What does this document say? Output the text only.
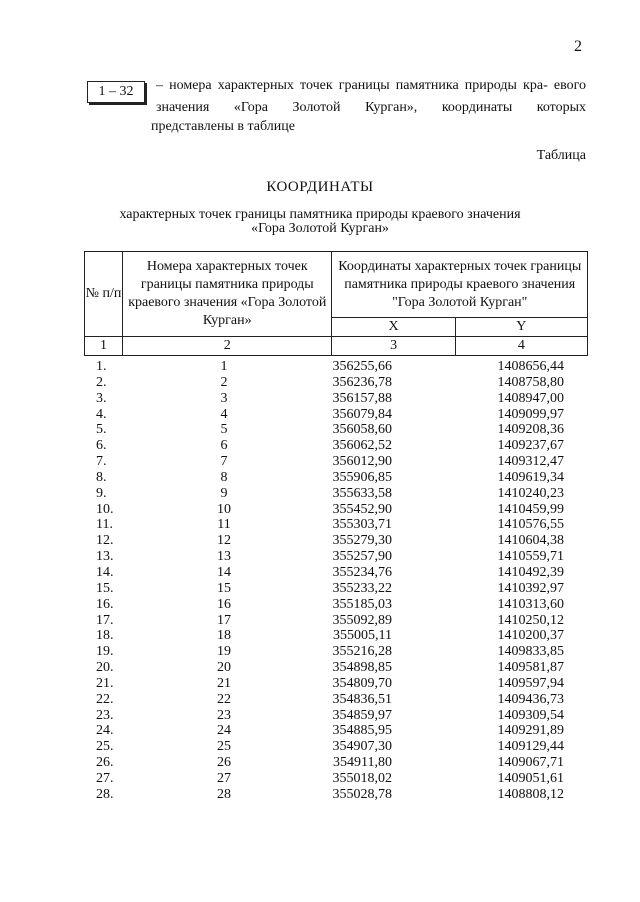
2
1 – 32	– номера характерных точек границы памятника природы кра- евого значения «Гора Золотой Курган», координаты которых
представлены в таблице
Таблица
КООРДИНАТЫ
характерных точек границы памятника природы краевого значения
«Гора Золотой Курган»
№ п/п	Номера характерных точек границы памятника природы краевого значения «Гора Золотой Курган»	Координаты характерных точек границы памятника природы краевого значения "Гора Золотой Курган"	
		X	Y
1	2	3	4
1.	1	356255,66	1408656,44
2.	2	356236,78	1408758,80
3.	3	356157,88	1408947,00
4.	4	356079,84	1409099,97
5.	5	356058,60	1409208,36
6.	6	356062,52	1409237,67
7.	7	356012,90	1409312,47
8.	8	355906,85	1409619,34
9.	9	355633,58	1410240,23
10.	10	355452,90	1410459,99
11.	11	355303,71	1410576,55
12.	12	355279,30	1410604,38
13.	13	355257,90	1410559,71
14.	14	355234,76	1410492,39
15.	15	355233,22	1410392,97
16.	16	355185,03	1410313,60
17.	17	355092,89	1410250,12
18.	18	355005,11	1410200,37
19.	19	355216,28	1409833,85
20.	20	354898,85	1409581,87
21.	21	354809,70	1409597,94
22.	22	354836,51	1409436,73
23.	23	354859,97	1409309,54
24.	24	354885,95	1409291,89
25.	25	354907,30	1409129,44
26.	26	354911,80	1409067,71
27.	27	355018,02	1409051,61
28.	28	355028,78	1408808,12
